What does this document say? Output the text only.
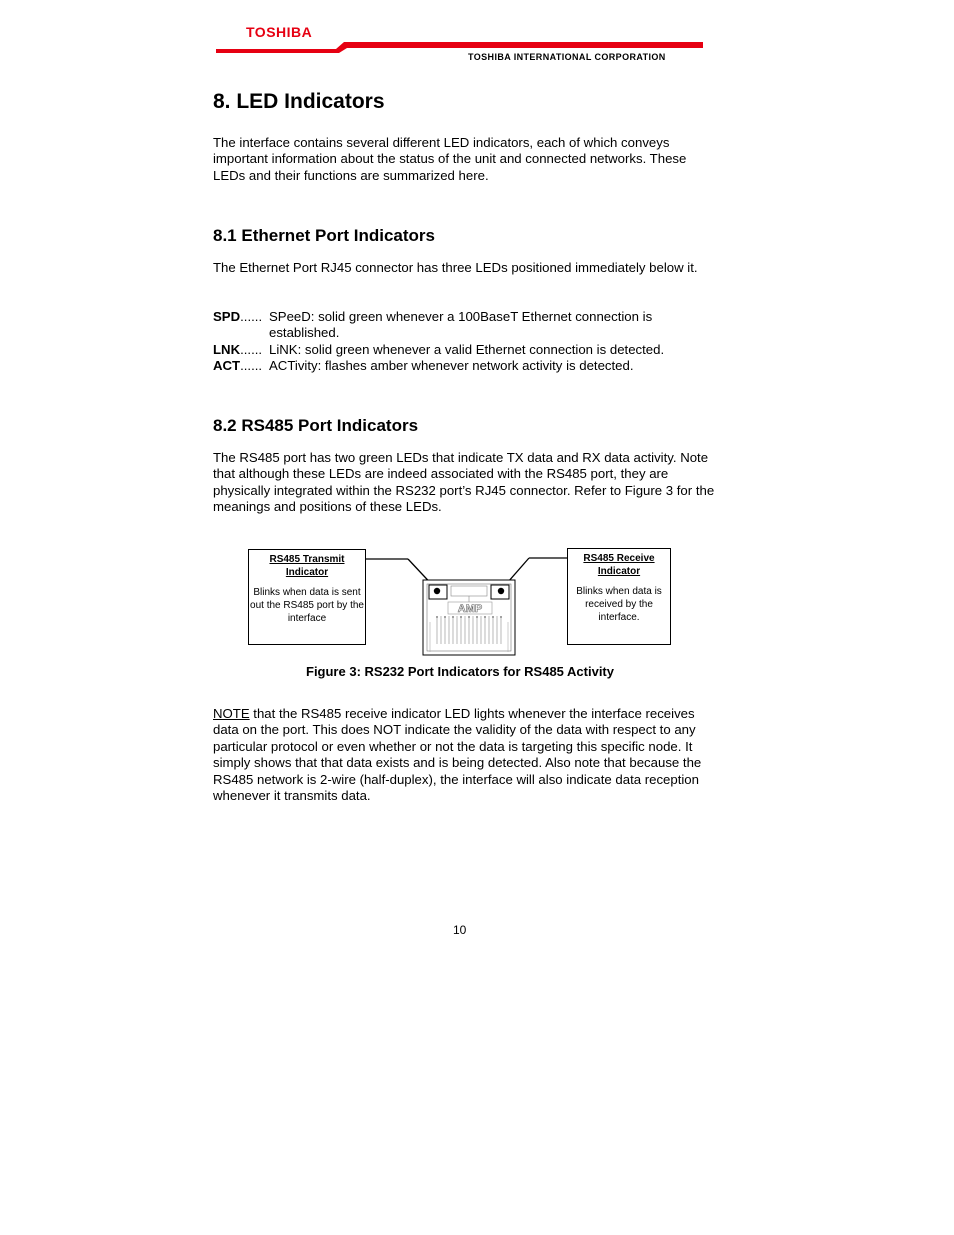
TOSHIBA
TOSHIBA INTERNATIONAL CORPORATION
8. LED Indicators

The interface contains several different LED indicators, each of which conveys important information about the status of the unit and connected networks. These LEDs and their functions are summarized here.

8.1 Ethernet Port Indicators

The Ethernet Port RJ45 connector has three LEDs positioned immediately below it.

SPD...... SPeeD: solid green whenever a 100BaseT Ethernet connection is established.
LNK...... LiNK: solid green whenever a valid Ethernet connection is detected.
ACT...... ACTivity: flashes amber whenever network activity is detected.
8.2 RS485 Port Indicators

The RS485 port has two green LEDs that indicate TX data and RX data activity. Note that although these LEDs are indeed associated with the RS485 port, they are physically integrated within the RS232 port’s RJ45 connector. Refer to Figure 3 for the meanings and positions of these LEDs.

RS485 Transmit Indicator
Blinks when data is sent out the RS485 port by the interface
RS485 Receive Indicator
Blinks when data is received by the interface.
AMP
Figure 3: RS232 Port Indicators for RS485 Activity

NOTE that the RS485 receive indicator LED lights whenever the interface receives data on the port. This does NOT indicate the validity of the data with respect to any particular protocol or even whether or not the data is targeting this specific node. It simply shows that that data exists and is being detected. Also note that because the RS485 network is 2-wire (half-duplex), the interface will also indicate data reception whenever it transmits data.

10
